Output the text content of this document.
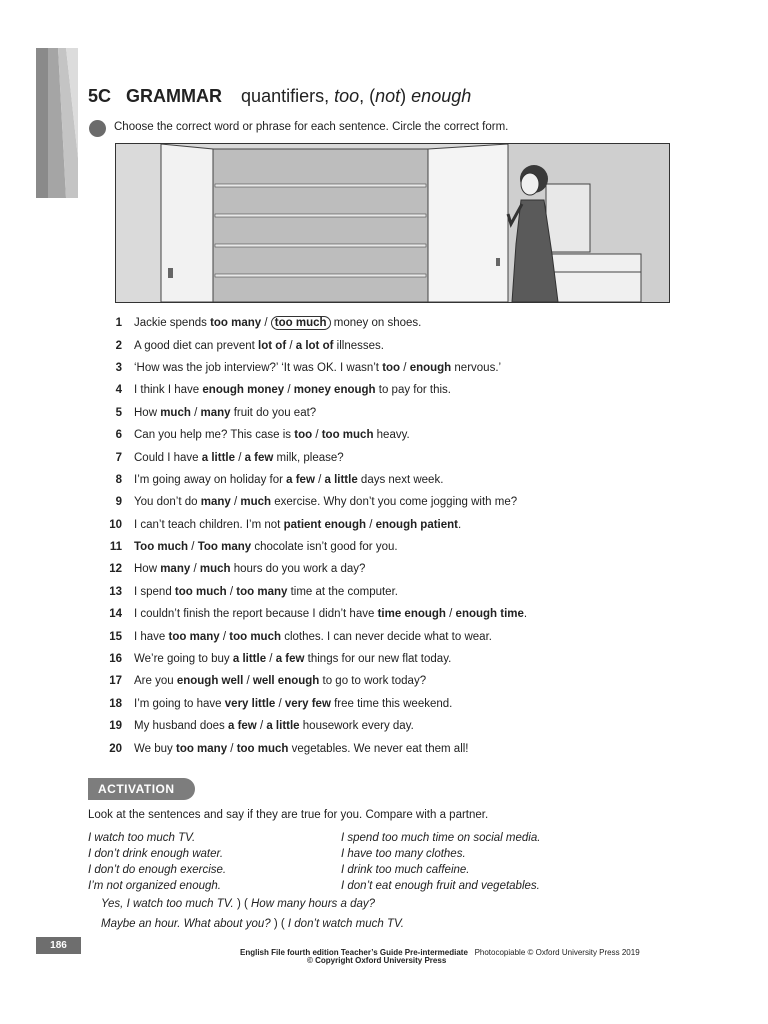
5C GRAMMAR quantifiers, too, (not) enough
Choose the correct word or phrase for each sentence. Circle the correct form.
1 Jackie spends too many / too much money on shoes.
2 A good diet can prevent lot of / a lot of illnesses.
3 ‘How was the job interview?’ ‘It was OK. I wasn’t too / enough nervous.’
4 I think I have enough money / money enough to pay for this.
5 How much / many fruit do you eat?
6 Can you help me? This case is too / too much heavy.
7 Could I have a little / a few milk, please?
8 I’m going away on holiday for a few / a little days next week.
9 You don’t do many / much exercise. Why don’t you come jogging with me?
10 I can’t teach children. I’m not patient enough / enough patient.
11 Too much / Too many chocolate isn’t good for you.
12 How many / much hours do you work a day?
13 I spend too much / too many time at the computer.
14 I couldn’t finish the report because I didn’t have time enough / enough time.
15 I have too many / too much clothes. I can never decide what to wear.
16 We’re going to buy a little / a few things for our new flat today.
17 Are you enough well / well enough to go to work today?
18 I’m going to have very little / very few free time this weekend.
19 My husband does a few / a little housework every day.
20 We buy too many / too much vegetables. We never eat them all!
ACTIVATION
Look at the sentences and say if they are true for you. Compare with a partner.
I watch too much TV.
I don’t drink enough water.
I don’t do enough exercise.
I’m not organized enough.
I spend too much time on social media.
I have too many clothes.
I drink too much caffeine.
I don’t eat enough fruit and vegetables.
Yes, I watch too much TV. ) ( How many hours a day?
Maybe an hour. What about you? ) ( I don’t watch much TV.
186
English File fourth edition Teacher’s Guide Pre-intermediate Photocopiable © Oxford University Press 2019
© Copyright Oxford University Press
